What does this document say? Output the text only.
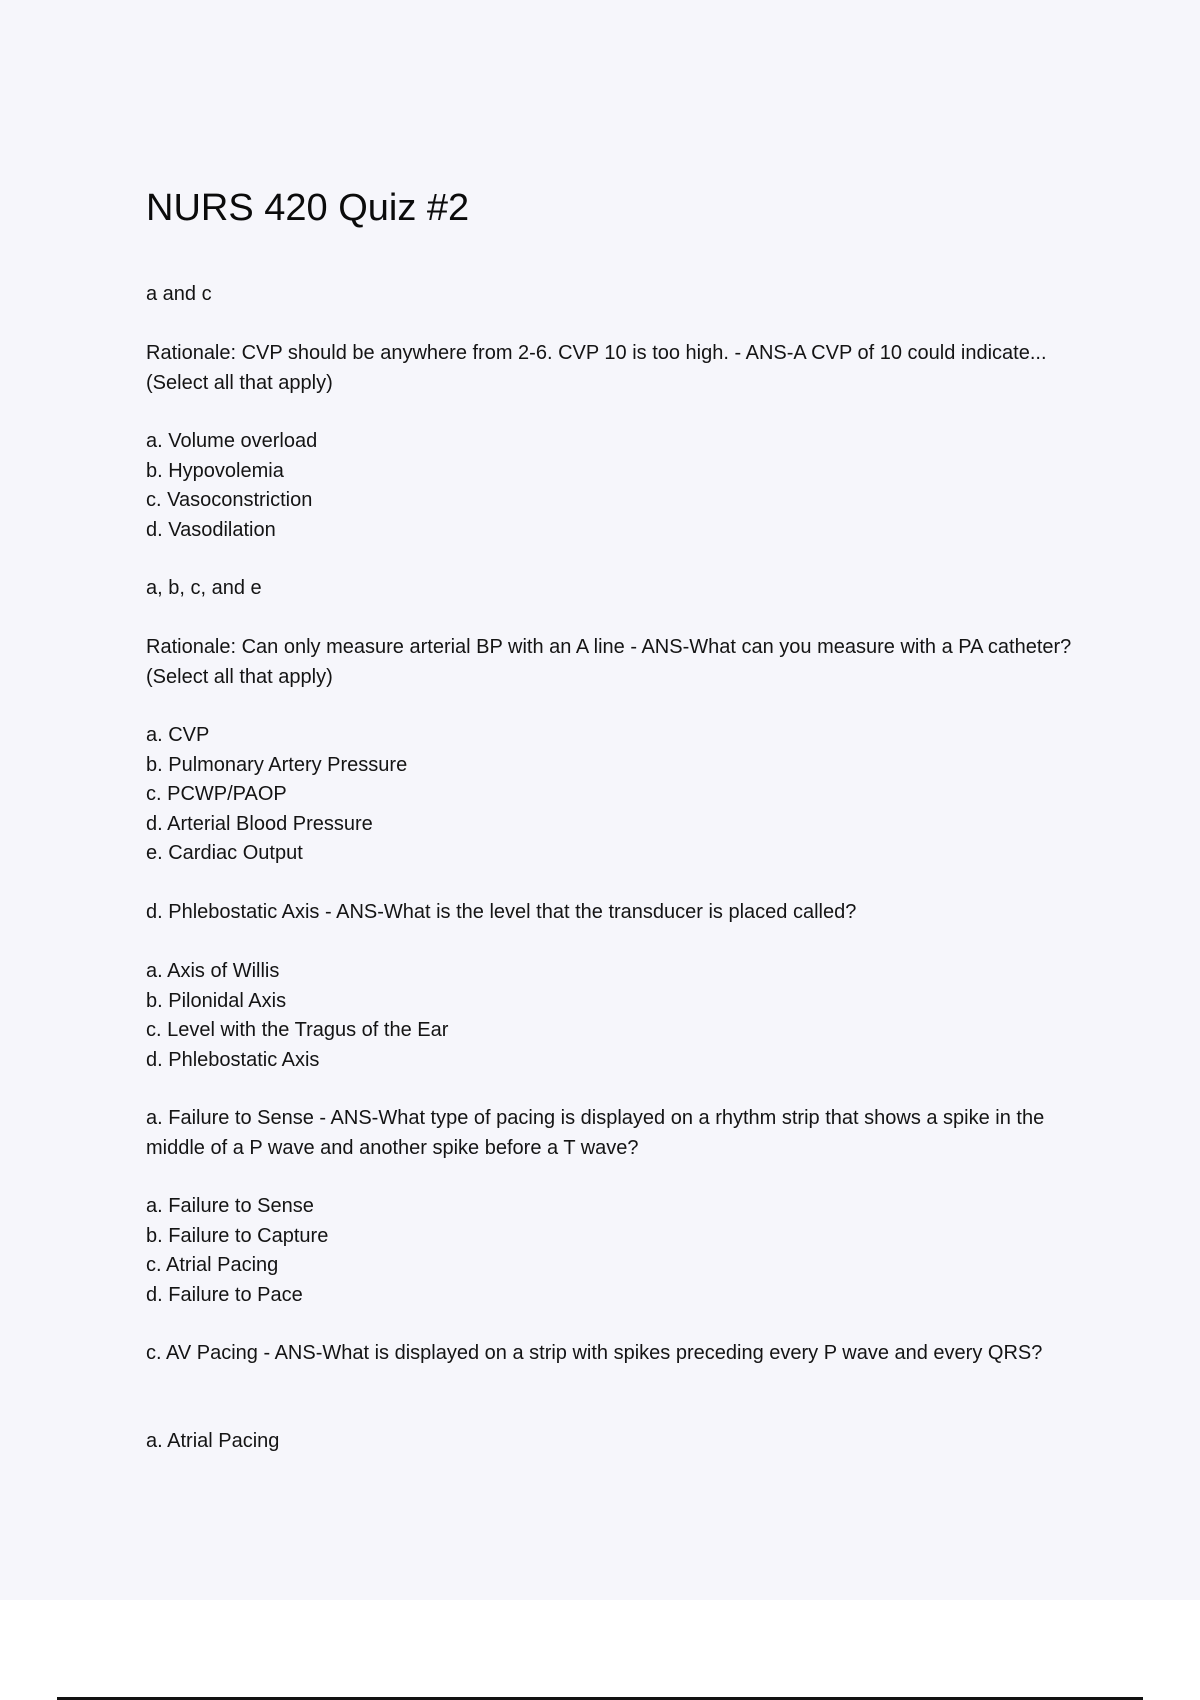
NURS 420 Quiz #2
a and c
Rationale: CVP should be anywhere from 2-6. CVP 10 is too high. - ANS-A CVP of 10 could indicate... (Select all that apply)
a. Volume overload
b. Hypovolemia
c. Vasoconstriction
d. Vasodilation
a, b, c, and e
Rationale: Can only measure arterial BP with an A line - ANS-What can you measure with a PA catheter? (Select all that apply)
a. CVP
b. Pulmonary Artery Pressure
c. PCWP/PAOP
d. Arterial Blood Pressure
e. Cardiac Output
d. Phlebostatic Axis - ANS-What is the level that the transducer is placed called?
a. Axis of Willis
b. Pilonidal Axis
c. Level with the Tragus of the Ear
d. Phlebostatic Axis
a. Failure to Sense - ANS-What type of pacing is displayed on a rhythm strip that shows a spike in the middle of a P wave and another spike before a T wave?
a. Failure to Sense
b. Failure to Capture
c. Atrial Pacing
d. Failure to Pace
c. AV Pacing - ANS-What is displayed on a strip with spikes preceding every P wave and every QRS?
a. Atrial Pacing
